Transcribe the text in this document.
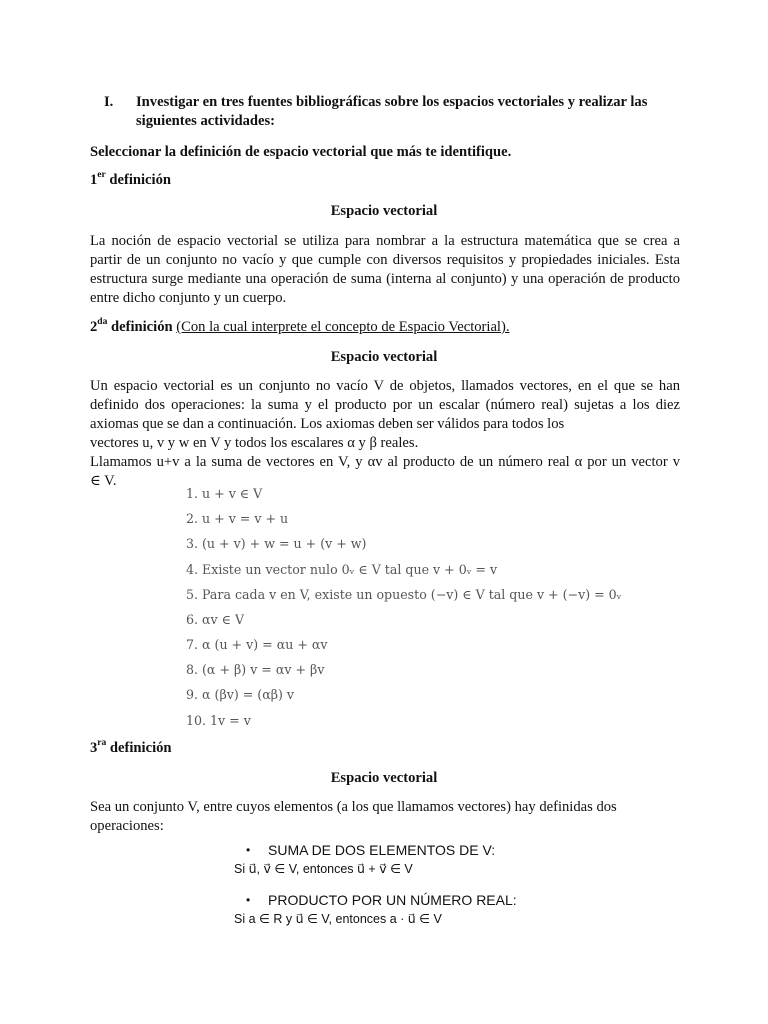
I. Investigar en tres fuentes bibliográficas sobre los espacios vectoriales y realizar las
siguientes actividades:
Seleccionar la definición de espacio vectorial que más te identifique.
1er definición
Espacio vectorial
La noción de espacio vectorial se utiliza para nombrar a la estructura matemática que se crea a
partir de un conjunto no vacío y que cumple con diversos requisitos y propiedades iniciales. Esta
estructura surge mediante una operación de suma (interna al conjunto) y una operación de producto
entre dicho conjunto y un cuerpo.
$2^{da}$ definición (Con la cual interprete el concepto de Espacio Vectorial).
Espacio vectorial
Un espacio vectorial es un conjunto no vacío V de objetos, llamados vectores, en el que se han
definido dos operaciones: la suma y el producto por un escalar (número real) sujetas a los diez
axiomas que se dan a continuación. Los axiomas deben ser válidos para todos los
vectores u, v y w en V y todos los escalares α y β reales.
Llamamos u+v a la suma de vectores en V, y αv al producto de un número real α por un vector v
∈ V.
1. u + v ∈ V
2. u + v = v + u
3. (u + v) + w = u + (v + w)
4. Existe un vector nulo 0ᵥ ∈ V tal que v + 0ᵥ = v
5. Para cada v en V, existe un opuesto (−v) ∈ V tal que v + (−v) = 0ᵥ
6. αv ∈ V
7. α (u + v) = αu + αv
8. (α + β) v = αv + βv
9. α (βv) = (αβ) v
10. 1v = v
$3^{ra}$ definición
Espacio vectorial
Sea un conjunto V, entre cuyos elementos (a los que llamamos vectores) hay definidas dos
operaciones:
• SUMA DE DOS ELEMENTOS DE V:
Si u⃗, v⃗ ∈ V, entonces u⃗ + v⃗ ∈ V
• PRODUCTO POR UN NÚMERO REAL:
Si a ∈ R y u⃗ ∈ V, entonces a · u⃗ ∈ V
